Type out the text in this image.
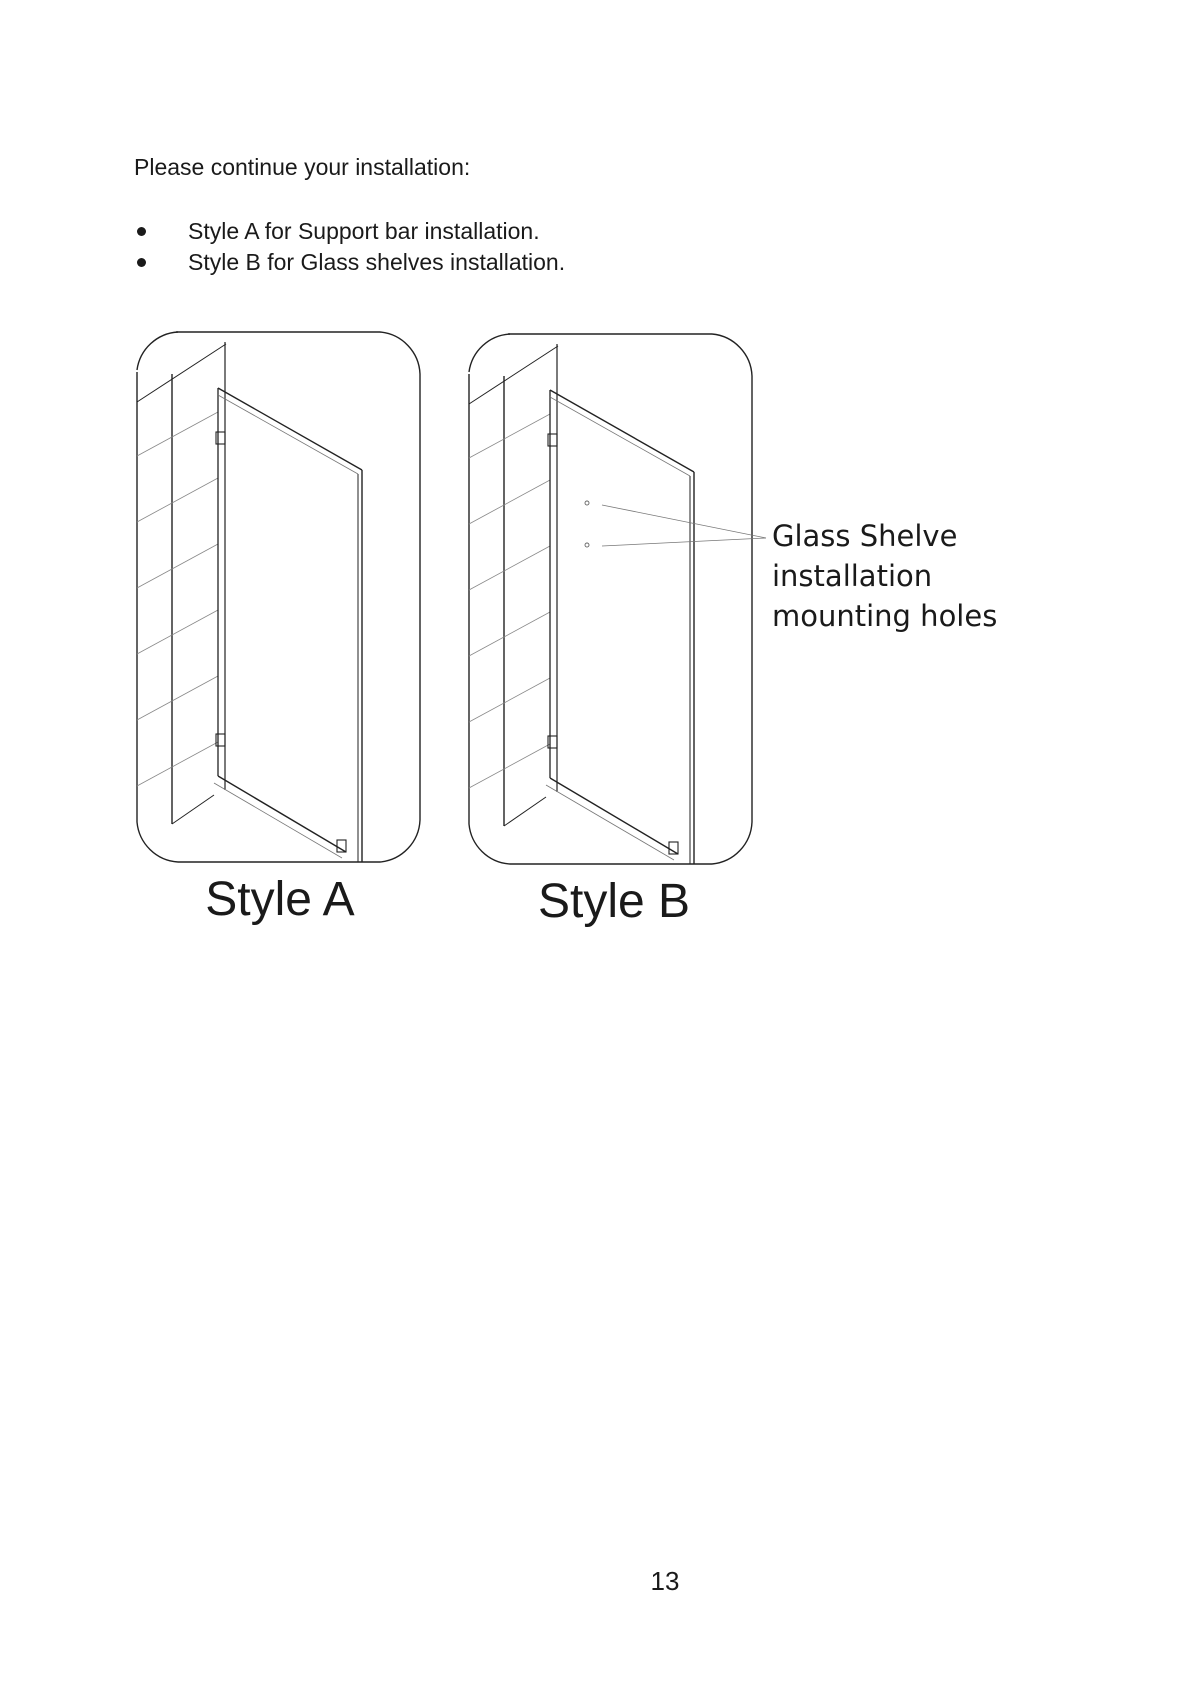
Please continue your installation:

Style A for Support bar installation.
Style B for Glass shelves installation.
Style A	Style B
Glass Shelve
installation
mounting holes
13
